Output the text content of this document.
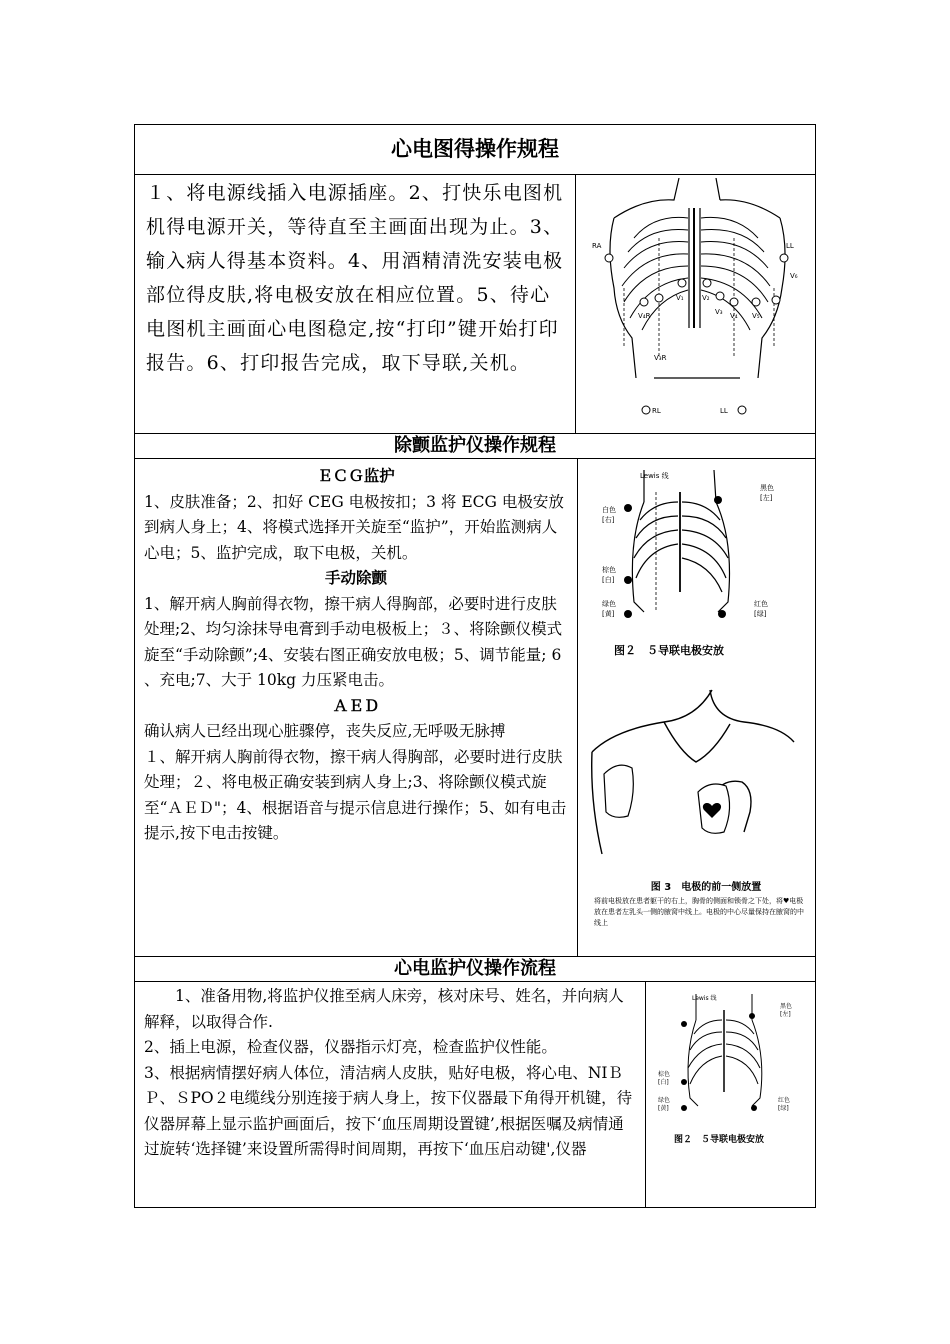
心电图得操作规程

１、将电源线插入电源插座。2、打快乐电图机机得电源开关，等待直至主画面出现为止。3、输入病人得基本资料。4、用酒精清洗安装电极部位得皮肤,将电极安放在相应位置。5、待心电图机主画面心电图稳定,按“打印”键开始打印报告。6、打印报告完成，取下导联,关机。

RA	LL
V₆
V₁	V₂
V₃ V₄ V₅
V₃R
V₄R
RL	LL
除颤监护仪操作规程
ＥＣＧ监护
1、皮肤准备；2、扣好 CEG 电极按扣；3 将 ECG 电极安放到病人身上；4、将模式选择开关旋至“监护”，开始监测病人心电；5、监护完成，取下电极，关机。
手动除颤
1、解开病人胸前得衣物，擦干病人得胸部，必要时进行皮肤处理;2、均匀涂抹导电膏到手动电极板上；３、将除颤仪模式旋至“手动除颤”;4、安装右图正确安放电极；5、调节能量; 6 、充电;7、大于 10kg 力压紧电击。
ＡＥＤ
确认病人已经出现心脏骤停，丧失反应,无呼吸无脉搏
１、解开病人胸前得衣物，擦干病人得胸部，必要时进行皮肤处理；２、将电极正确安装到病人身上;3、将除颤仪模式旋至“ＡＥＤ"；4、根据语音与提示信息进行操作；5、如有电击提示,按下电击按键。
Lewis 线
白色
[右]
黑色
[左]
棕色
[白]
绿色
[黄]
红色
[绿]
图２　５导联电极安放
图 3　电极的前一侧放置
将前电极放在患者躯干的右上，胸骨的侧面和锁骨之下处，将♥电极放在患者左乳头一侧的腋窝中线上。电极的中心尽量保持在腋窝的中线上
心电监护仪操作流程
1、准备用物,将监护仪推至病人床旁，核对床号、姓名，并向病人解释，以取得合作.
2、插上电源，检查仪器，仪器指示灯亮，检查监护仪性能。
3、根据病情摆好病人体位，清洁病人皮肤，贴好电极，将心电、NIＢＰ、ＳPO２电缆线分别连接于病人身上，按下仪器最下角得开机键，待仪器屏幕上显示监护画面后，按下‘血压周期设置键’,根据医嘱及病情通过旋转‘选择键’来设置所需得时间周期，再按下‘血压启动键',仪器
Lewis 线
黑色
[左]
棕色
[白]
绿色
[黄]
红色
[绿]
图２　５导联电极安放
